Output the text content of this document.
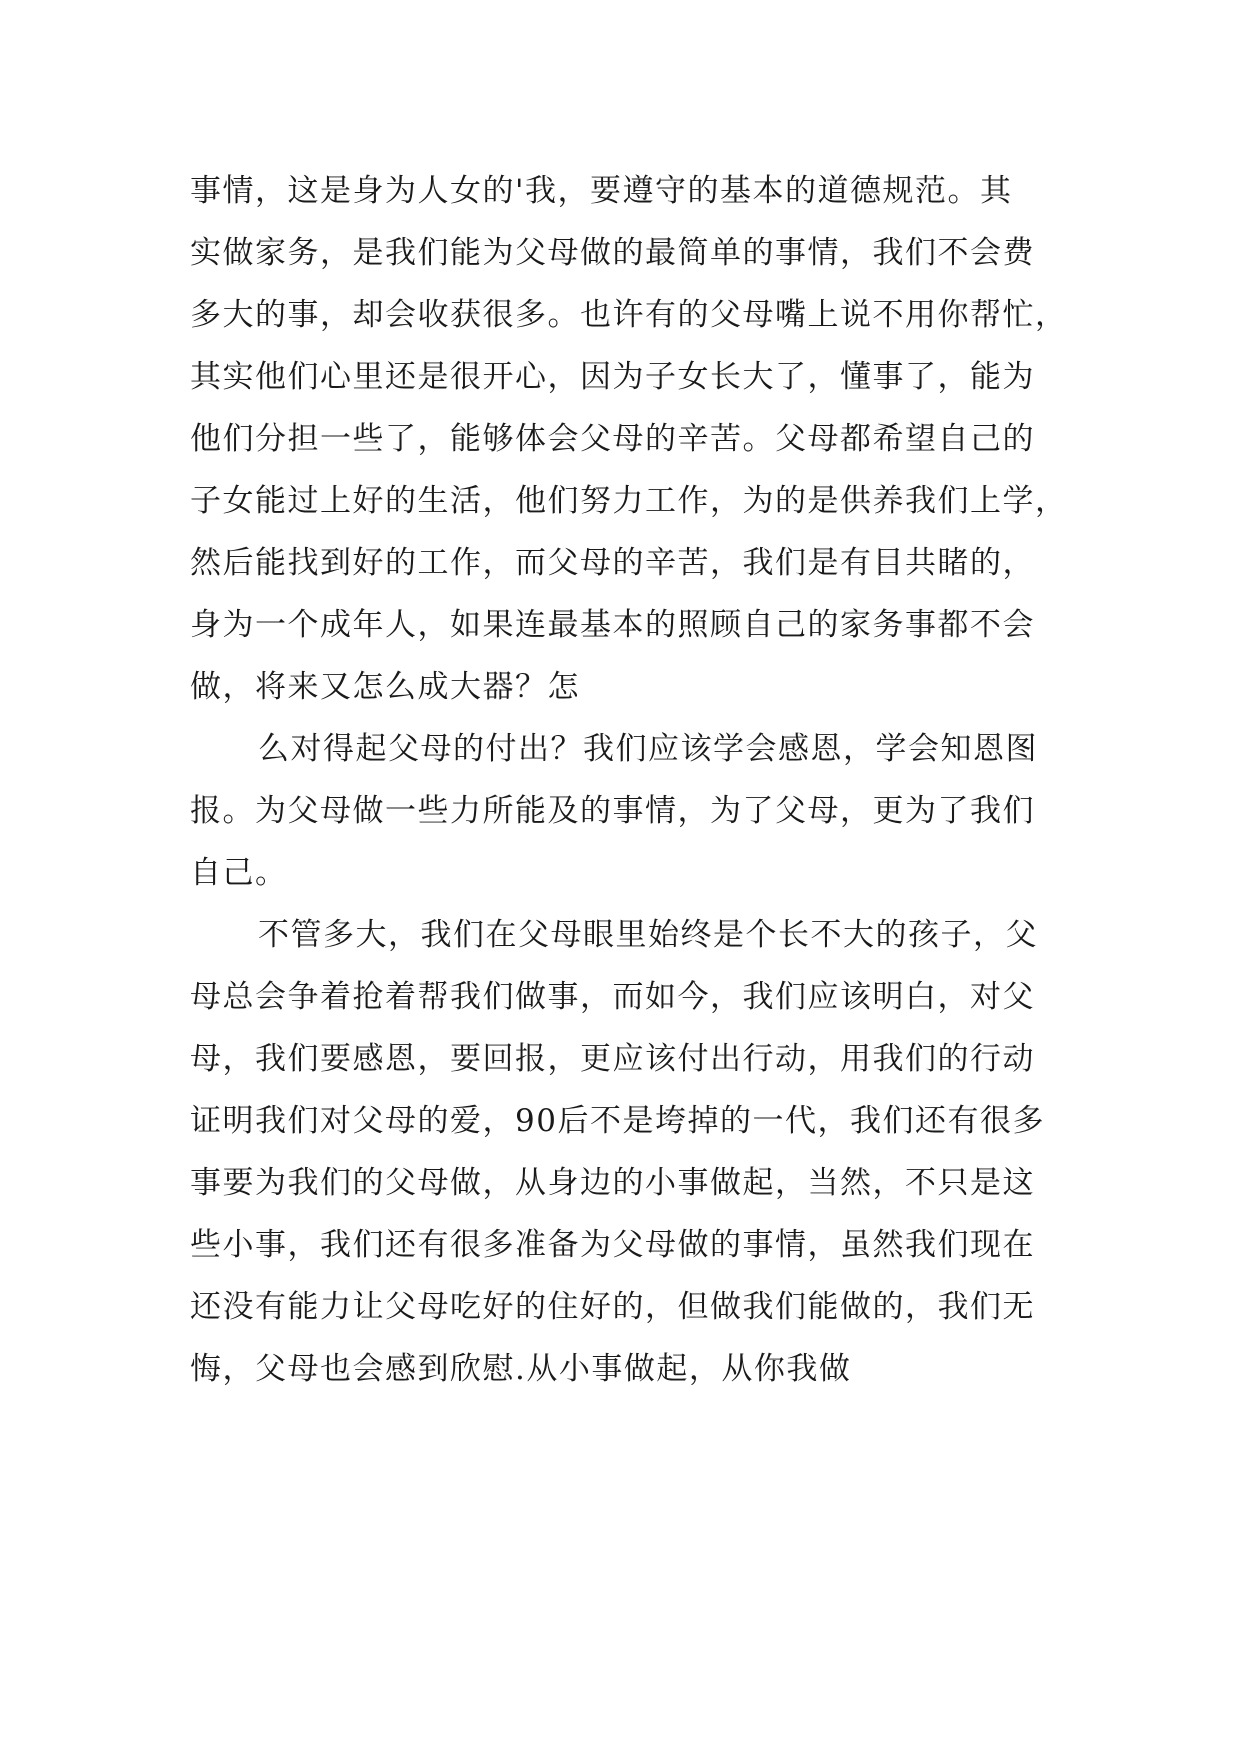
事情，这是身为人女的'我，要遵守的基本的道德规范。其
实做家务，是我们能为父母做的最简单的事情，我们不会费
多大的事，却会收获很多。也许有的父母嘴上说不用你帮忙，
其实他们心里还是很开心，因为子女长大了，懂事了，能为
他们分担一些了，能够体会父母的辛苦。父母都希望自己的
子女能过上好的生活，他们努力工作，为的是供养我们上学，
然后能找到好的工作，而父母的辛苦，我们是有目共睹的，
身为一个成年人，如果连最基本的照顾自己的家务事都不会
做，将来又怎么成大器？怎
么对得起父母的付出？我们应该学会感恩，学会知恩图
报。为父母做一些力所能及的事情，为了父母，更为了我们
自己。
不管多大，我们在父母眼里始终是个长不大的孩子，父
母总会争着抢着帮我们做事，而如今，我们应该明白，对父
母，我们要感恩，要回报，更应该付出行动，用我们的行动
证明我们对父母的爱，90后不是垮掉的一代，我们还有很多
事要为我们的父母做，从身边的小事做起，当然，不只是这
些小事，我们还有很多准备为父母做的事情，虽然我们现在
还没有能力让父母吃好的住好的，但做我们能做的，我们无
悔，父母也会感到欣慰.从小事做起，从你我做
